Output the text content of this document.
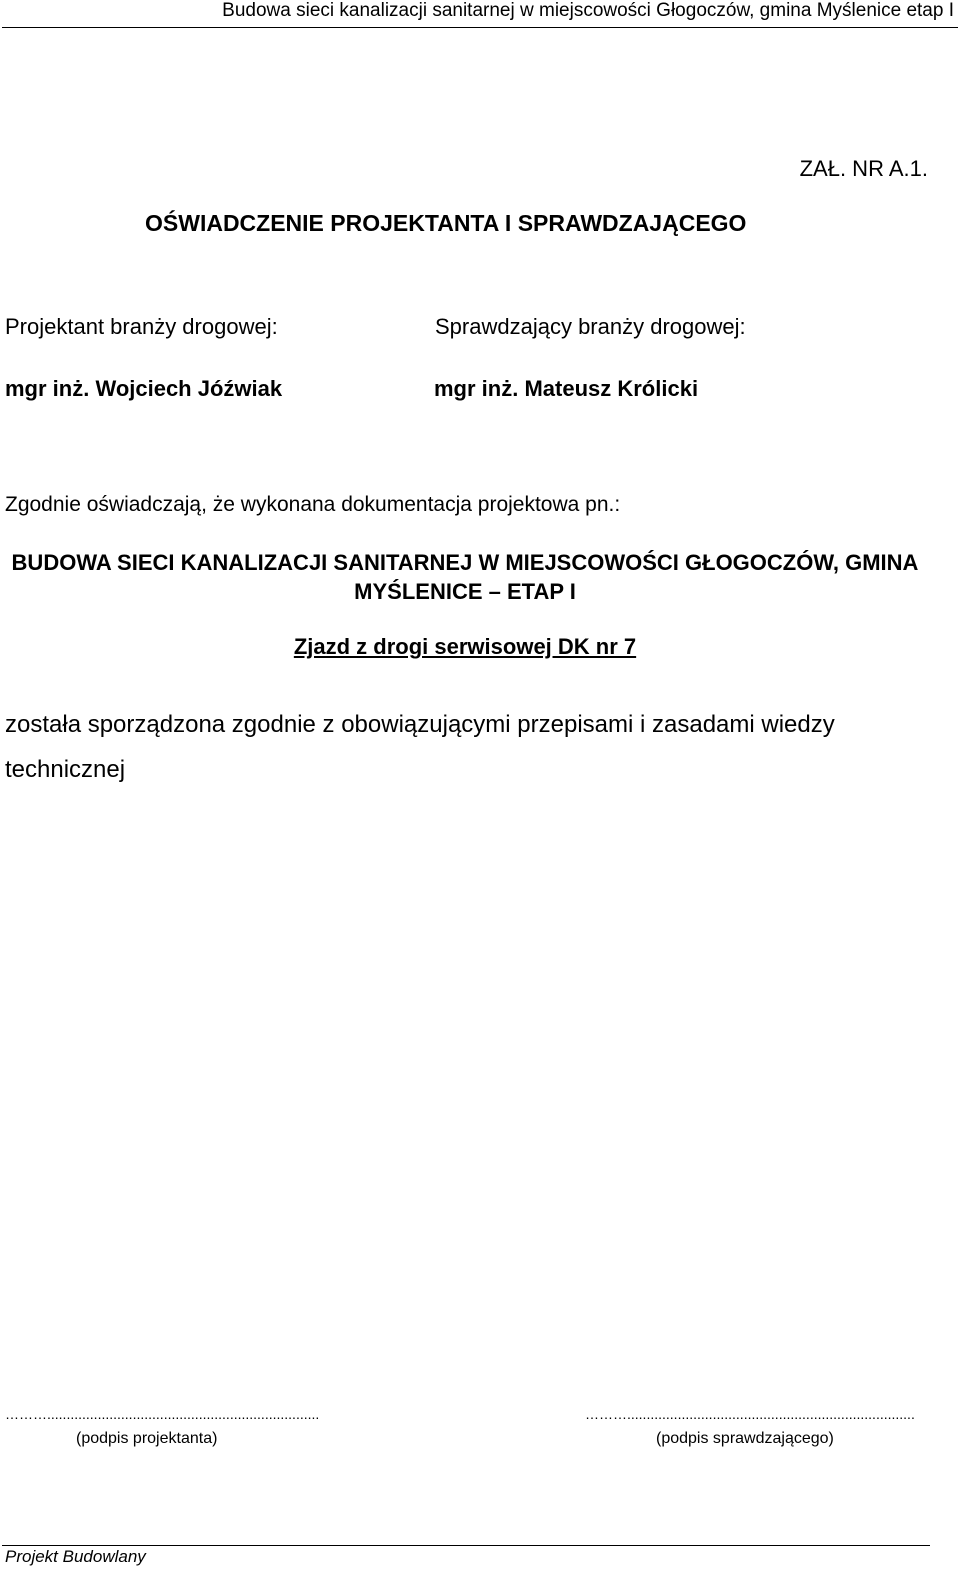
Budowa sieci kanalizacji sanitarnej w miejscowości Głogoczów, gmina Myślenice etap I
ZAŁ. NR A.1.
OŚWIADCZENIE PROJEKTANTA I SPRAWDZAJĄCEGO
Projektant branży drogowej:	Sprawdzający branży drogowej:
mgr inż. Wojciech Jóźwiak	mgr inż. Mateusz Królicki
Zgodnie oświadczają, że wykonana dokumentacja projektowa pn.:
BUDOWA SIECI KANALIZACJI SANITARNEJ W MIEJSCOWOŚCI GŁOGOCZÓW, GMINA MYŚLENICE – ETAP I
Zjazd z drogi serwisowej DK nr 7
została sporządzona zgodnie z obowiązującymi przepisami i zasadami wiedzy technicznej
………......................................................................
(podpis projektanta)
………..........................................................................
(podpis sprawdzającego)
Projekt Budowlany
